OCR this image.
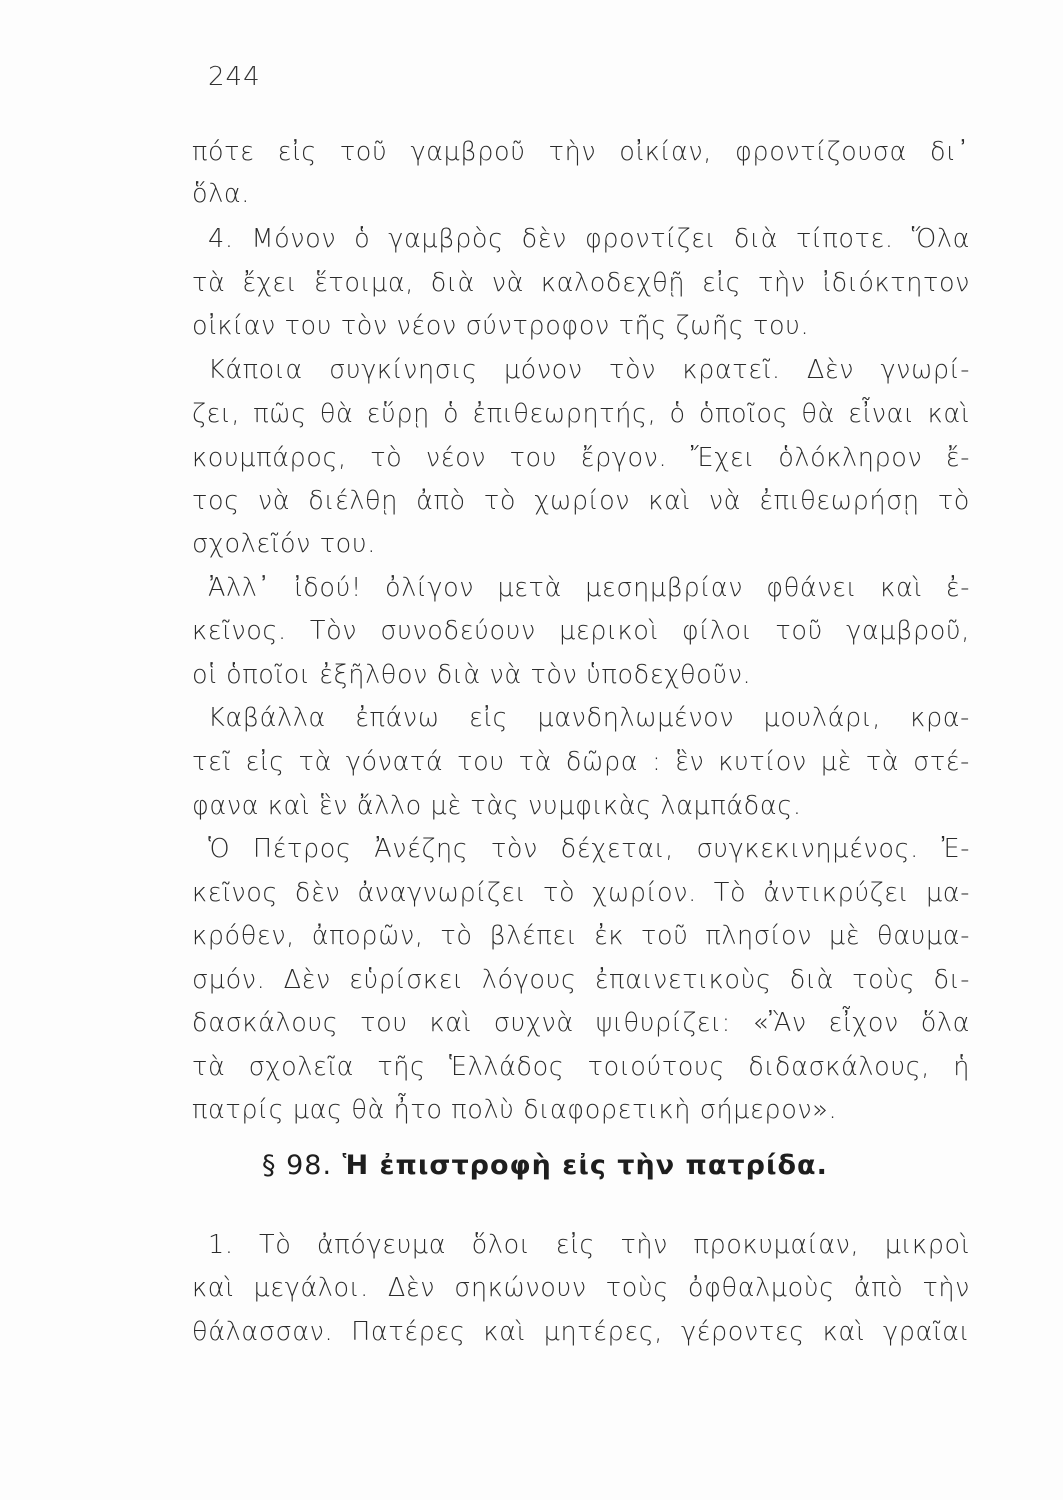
244
πότε εἰς τοῦ γαμβροῦ τὴν οἰκίαν, φροντίζουσα δι᾽
ὅλα.
4. Μόνον ὁ γαμβρὸς δὲν φροντίζει διὰ τίποτε. Ὅλα
τὰ ἔχει ἕτοιμα, διὰ νὰ καλοδεχθῇ εἰς τὴν ἰδιόκτητον
οἰκίαν του τὸν νέον σύντροφον τῆς ζωῆς του.
Κάποια συγκίνησις μόνον τὸν κρατεῖ. Δὲν γνωρί-
ζει, πῶς θὰ εὕρῃ ὁ ἐπιθεωρητής, ὁ ὁποῖος θὰ εἶναι καὶ
κουμπάρος, τὸ νέον του ἔργον. Ἔχει ὁλόκληρον ἔ-
τος νὰ διέλθῃ ἀπὸ τὸ χωρίον καὶ νὰ ἐπιθεωρήσῃ τὸ
σχολεῖόν του.
Ἀλλ᾽ ἰδού! ὀλίγον μετὰ μεσημβρίαν φθάνει καὶ ἐ-
κεῖνος. Τὸν συνοδεύουν μερικοὶ φίλοι τοῦ γαμβροῦ,
οἱ ὁποῖοι ἐξῆλθον διὰ νὰ τὸν ὑποδεχθοῦν.
Καβάλλα ἐπάνω εἰς μανδηλωμένον μουλάρι, κρα-
τεῖ εἰς τὰ γόνατά του τὰ δῶρα : ἓν κυτίον μὲ τὰ στέ-
φανα καὶ ἓν ἄλλο μὲ τὰς νυμφικὰς λαμπάδας.
Ὁ Πέτρος Ἀνέζης τὸν δέχεται, συγκεκινημένος. Ἐ-
κεῖνος δὲν ἀναγνωρίζει τὸ χωρίον. Τὸ ἀντικρύζει μα-
κρόθεν, ἀπορῶν, τὸ βλέπει ἐκ τοῦ πλησίον μὲ θαυμα-
σμόν. Δὲν εὑρίσκει λόγους ἐπαινετικοὺς διὰ τοὺς δι-
δασκάλους του καὶ συχνὰ ψιθυρίζει: «Ἂν εἶχον ὅλα
τὰ σχολεῖα τῆς Ἑλλάδος τοιούτους διδασκάλους, ἡ
πατρίς μας θὰ ἦτο πολὺ διαφορετικὴ σήμερον».
§ 98. Ἡ ἐπιστροφὴ εἰς τὴν πατρίδα.
1. Τὸ ἀπόγευμα ὅλοι εἰς τὴν προκυμαίαν, μικροὶ
καὶ μεγάλοι. Δὲν σηκώνουν τοὺς ὀφθαλμοὺς ἀπὸ τὴν
θάλασσαν. Πατέρες καὶ μητέρες, γέροντες καὶ γραῖαι
